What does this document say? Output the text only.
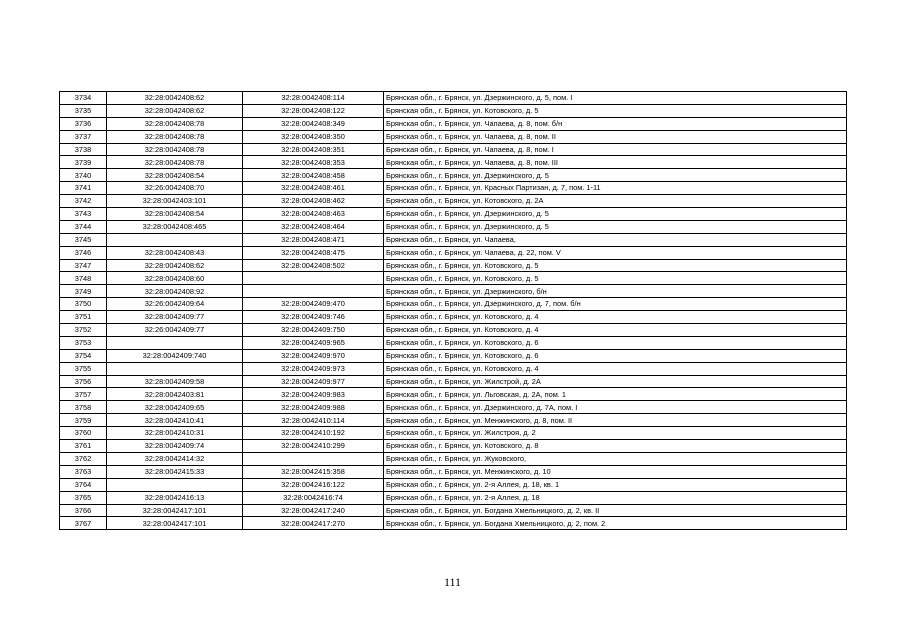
3734	32:28:0042408:62	32:28:0042408:114	Брянская обл., г. Брянск, ул. Дзержинского, д. 5, пом. I
3735	32:28:0042408:62	32:28:0042408:122	Брянская обл., г. Брянск, ул. Котовского, д. 5
3736	32:28:0042408:78	32:28:0042408:349	Брянская обл., г. Брянск, ул. Чапаева, д. 8, пом. б/н
3737	32:28:0042408:78	32:28:0042408:350	Брянская обл., г. Брянск, ул. Чапаева, д. 8, пом. II
3738	32:28:0042408:78	32:28:0042408:351	Брянская обл., г. Брянск, ул. Чапаева, д. 8, пом. I
3739	32:28:0042408:78	32:28:0042408:353	Брянская обл., г. Брянск, ул. Чапаева, д. 8, пом. III
3740	32:28:0042408:54	32:28:0042408:458	Брянская обл., г. Брянск, ул. Дзержинского, д. 5
3741	32:26:0042408:70	32:28:0042408:461	Брянская обл., г. Брянск, ул. Красных Партизан, д. 7, пом. 1-11
3742	32:28:0042403:101	32:28:0042408:462	Брянская обл., г. Брянск, ул. Котовского, д. 2А
3743	32:28:0042408:54	32:28:0042408:463	Брянская обл., г. Брянск, ул. Дзержинского, д. 5
3744	32:28:0042408:465	32:28:0042408:464	Брянская обл., г. Брянск, ул. Дзержинского, д. 5
3745		32:28:0042408:471	Брянская обл., г. Брянск, ул. Чапаева,
3746	32:28:0042408:43	32:28:0042408:475	Брянская обл., г. Брянск, ул. Чапаева, д. 22, пом. V
3747	32:28:0042408:62	32:28:0042408:502	Брянская обл., г. Брянск, ул. Котовского, д. 5
3748	32:28:0042408:60		Брянская обл., г. Брянск, ул. Котовского, д. 5
3749	32:28:0042408:92		Брянская обл., г. Брянск, ул. Дзержинского, б/н
3750	32:26:0042409:64	32:28:0042409:470	Брянская обл., г. Брянск, ул. Дзержинского, д. 7, пом. б/н
3751	32:28:0042409:77	32:28:0042409:746	Брянская обл., г. Брянск, ул. Котовского, д. 4
3752	32:26:0042409:77	32:28:0042409:750	Брянская обл., г. Брянск, ул. Котовского, д. 4
3753		32:28:0042409:965	Брянская обл., г. Брянск, ул. Котовского, д. 6
3754	32:28:0042409:740	32:28:0042409:970	Брянская обл., г. Брянск, ул. Котовского, д. 6
3755		32:28:0042409:973	Брянская обл., г. Брянск, ул. Котовского, д. 4
3756	32:28:0042409:58	32:28:0042409:977	Брянская обл., г. Брянск, ул. Жилстрой, д. 2А
3757	32:28:0042403:81	32:28:0042409:983	Брянская обл., г. Брянск, ул. Льговская, д. 2А, пом. 1
3758	32:28:0042409:65	32:28:0042409:988	Брянская обл., г. Брянск, ул. Дзержинского, д. 7А, пом. I
3759	32:28:0042410:41	32:28:0042410:114	Брянская обл., г. Брянск, ул. Менжинского, д. 8, пом. II
3760	32:28:0042410:31	32:28:0042410:192	Брянская обл., г. Брянск, ул. Жилстроя, д. 2
3761	32:28:0042409:74	32:28:0042410:299	Брянская обл., г. Брянск, ул. Котовского, д. 8
3762	32:28:0042414:32		Брянская обл., г. Брянск, ул. Жуковского,
3763	32:28:0042415:33	32:28:0042415:358	Брянская обл., г. Брянск, ул. Менжинского, д. 10
3764		32:28:0042416:122	Брянская обл., г. Брянск, ул. 2-я Аллея, д. 18, кв. 1
3765	32:28:0042416:13	32:28:0042416:74	Брянская обл., г. Брянск, ул. 2-я Аллея, д. 18
3766	32:28:0042417:101	32:28:0042417:240	Брянская обл., г. Брянск, ул. Богдана Хмельницкого, д. 2, кв. II
3767	32:28:0042417:101	32:28:0042417:270	Брянская обл., г. Брянск, ул. Богдана Хмельницкого, д. 2, пом. 2
111
